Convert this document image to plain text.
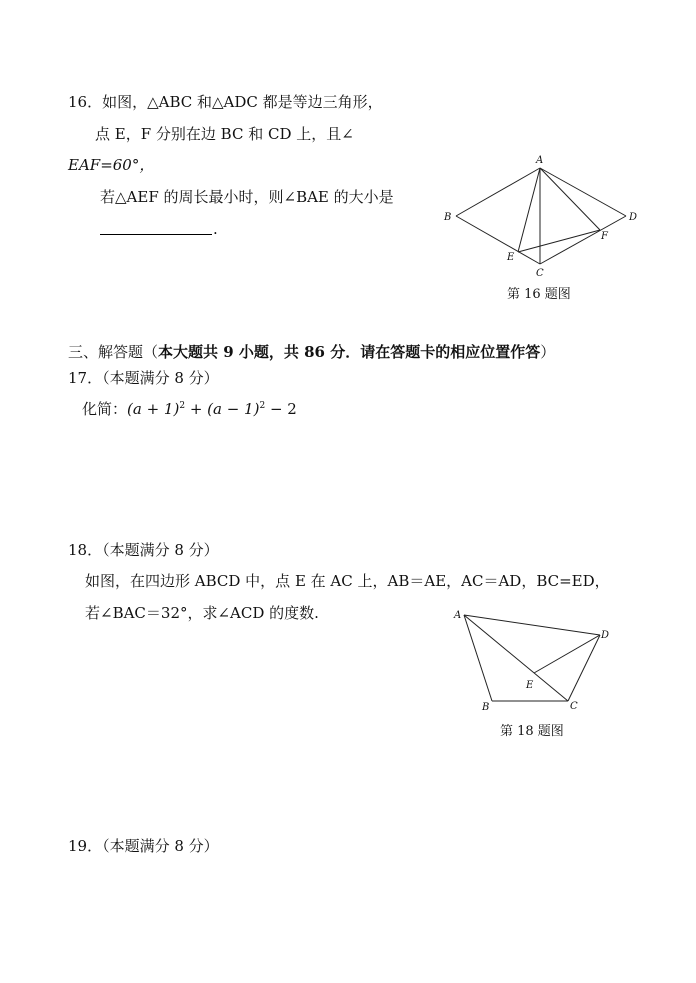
16．如图，△ABC 和△ADC 都是等边三角形，
点 E，F 分别在边 BC 和 CD 上，且∠
EAF=60°，
若△AEF 的周长最小时，则∠BAE 的大小是
.
A
B
C
D
E
F
第 16 题图
三、解答题（本大题共 9 小题，共 86 分．请在答题卡的相应位置作答）
17．（本题满分 8 分）
化简：$(a + 1)^2 + (a - 1)^2 - 2$
18．（本题满分 8 分）
如图，在四边形 ABCD 中，点 E 在 AC 上，AB＝AE，AC＝AD，BC=ED，
若∠BAC＝32°，求∠ACD 的度数.	A
B	C
D
E
第 18 题图
19．（本题满分 8 分）
